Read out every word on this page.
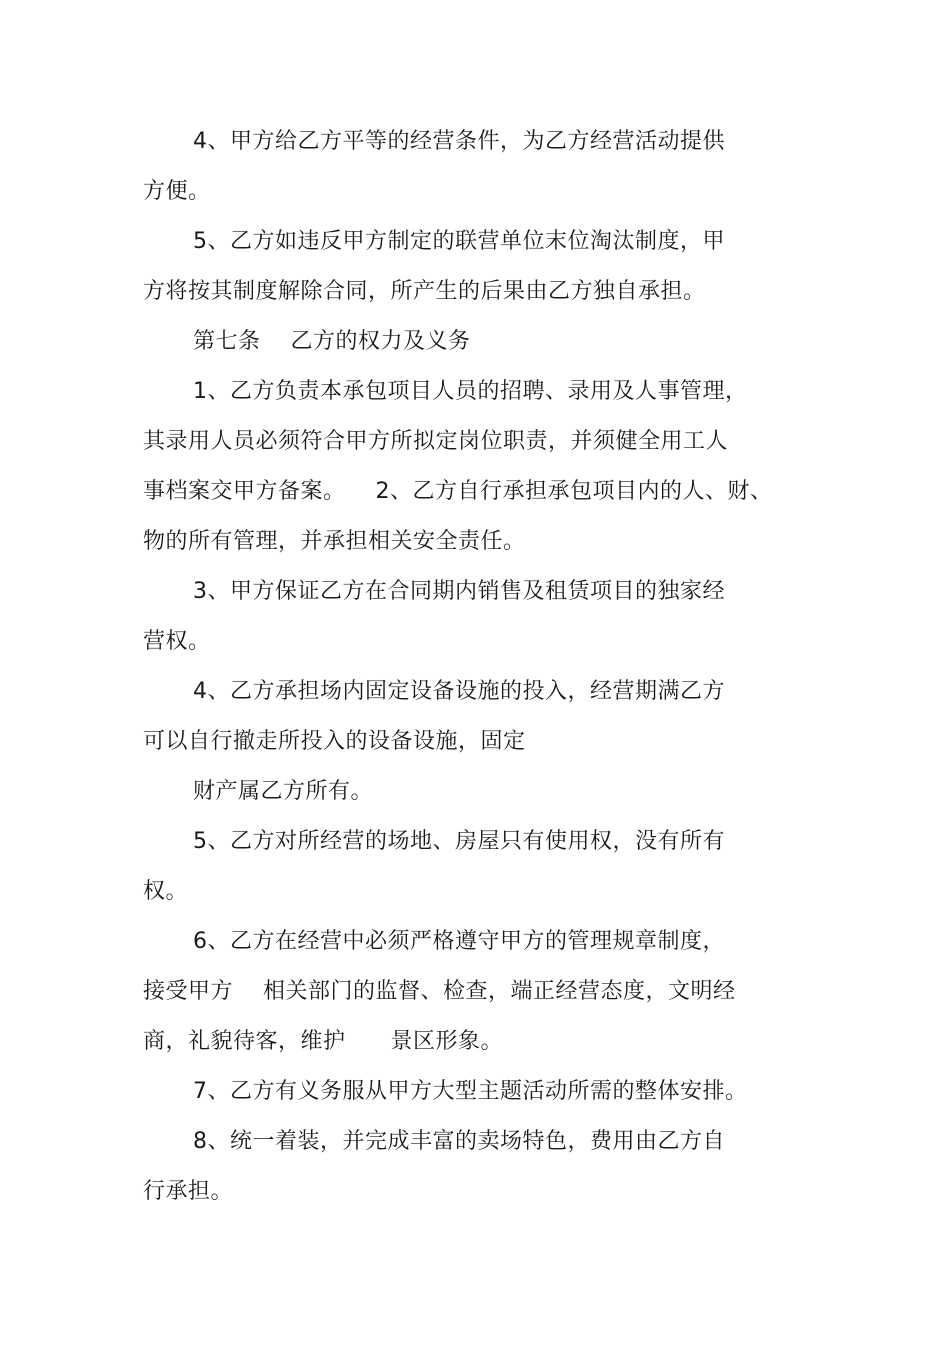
4、甲方给乙方平等的经营条件，为乙方经营活动提供
方便。
5、乙方如违反甲方制定的联营单位末位淘汰制度，甲
方将按其制度解除合同，所产生的后果由乙方独自承担。
第七条    乙方的权力及义务
1、乙方负责本承包项目人员的招聘、录用及人事管理，
其录用人员必须符合甲方所拟定岗位职责，并须健全用工人
事档案交甲方备案。    2、乙方自行承担承包项目内的人、财、
物的所有管理，并承担相关安全责任。
3、甲方保证乙方在合同期内销售及租赁项目的独家经
营权。
4、乙方承担场内固定设备设施的投入，经营期满乙方
可以自行撤走所投入的设备设施，固定
财产属乙方所有。
5、乙方对所经营的场地、房屋只有使用权，没有所有
权。
6、乙方在经营中必须严格遵守甲方的管理规章制度，
接受甲方    相关部门的监督、检查，端正经营态度，文明经
商，礼貌待客，维护      景区形象。
7、乙方有义务服从甲方大型主题活动所需的整体安排。
8、统一着装，并完成丰富的卖场特色，费用由乙方自
行承担。
